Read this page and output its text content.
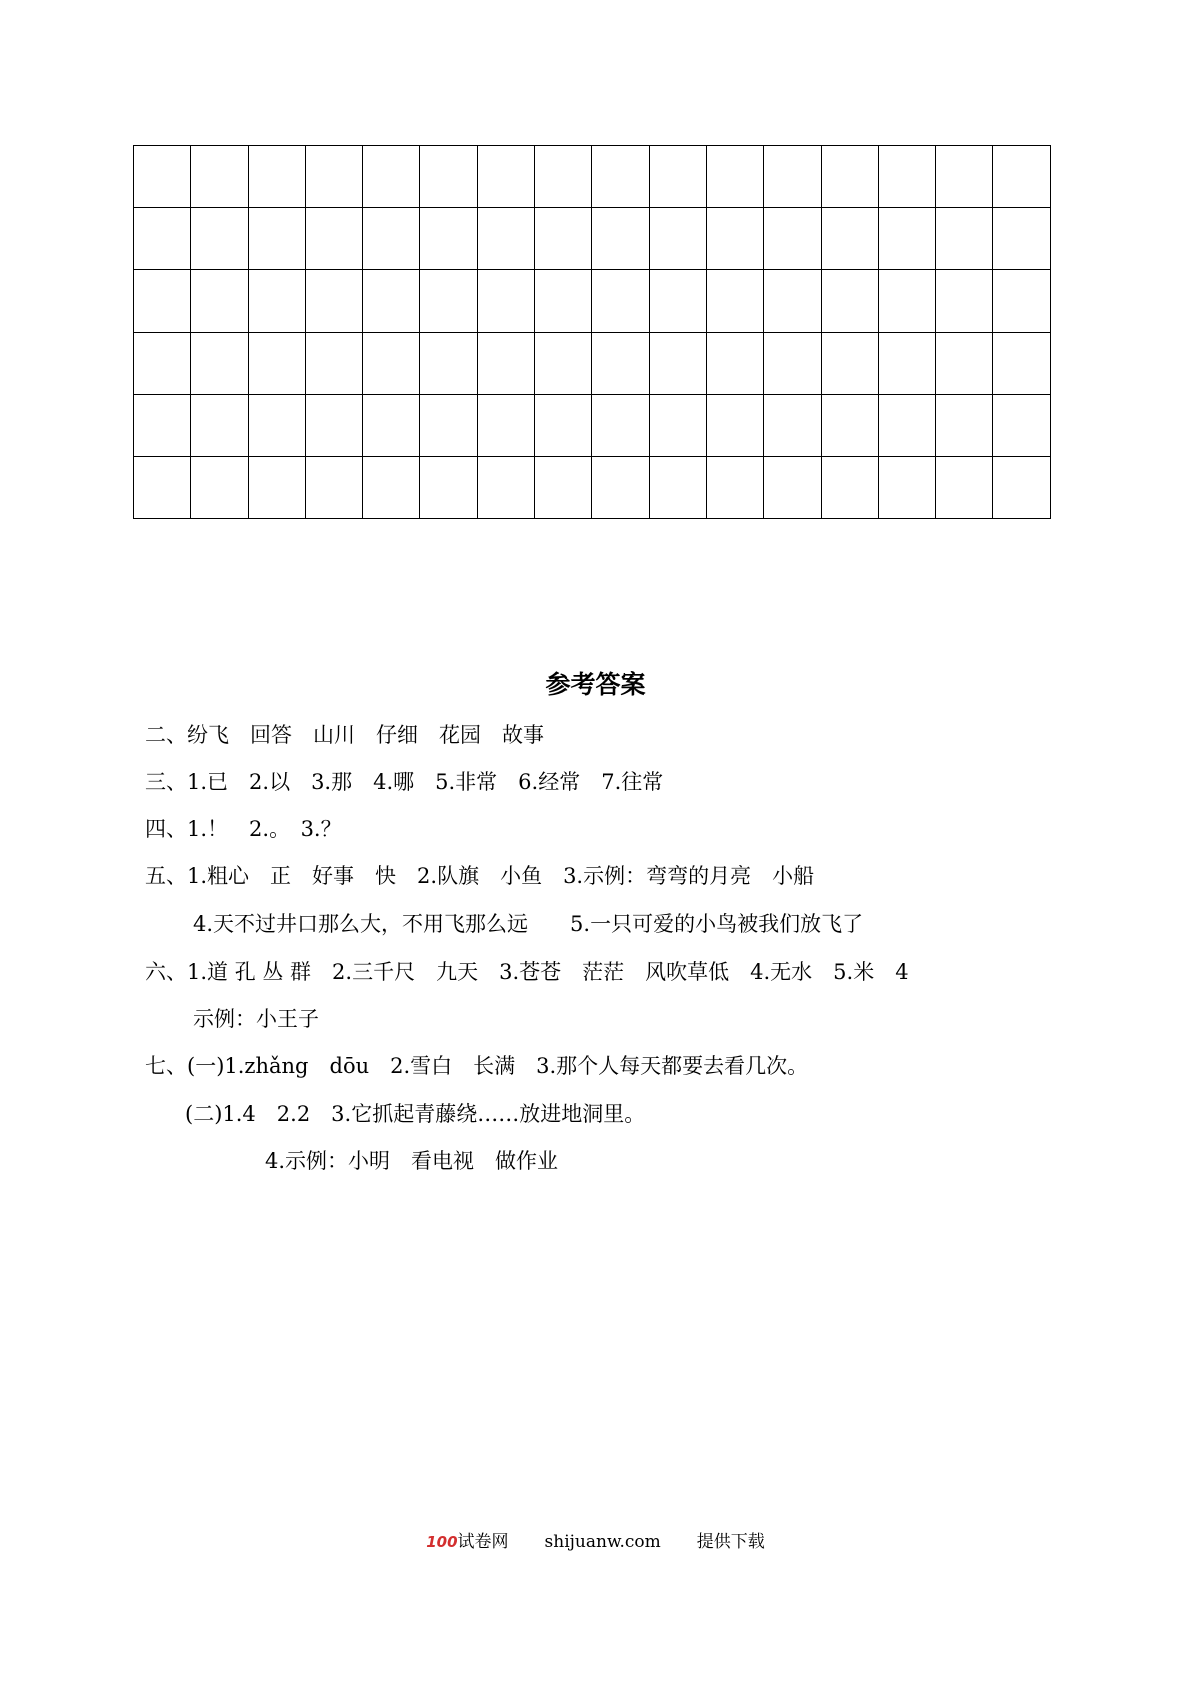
参考答案
二、纷飞　回答　山川　仔细　花园　故事
三、1.已　2.以　3.那　4.哪　5.非常　6.经常　7.往常
四、1.！　2.。　3.？
五、1.粗心　正　好事　快　2.队旗　小鱼　3.示例：弯弯的月亮　小船
4.天不过井口那么大，不用飞那么远　　5.一只可爱的小鸟被我们放飞了
六、1.道 孔 丛 群　2.三千尺　九天　3.苍苍　茫茫　风吹草低　4.无水　5.米　4
示例：小王子
七、(一)1.zhǎng　dōu　2.雪白　长满　3.那个人每天都要去看几次。
(二)1.4　2.2　3.它抓起青藤绕……放进地洞里。
4.示例：小明　看电视　做作业
100试卷网 shijuanw.com 提供下载
